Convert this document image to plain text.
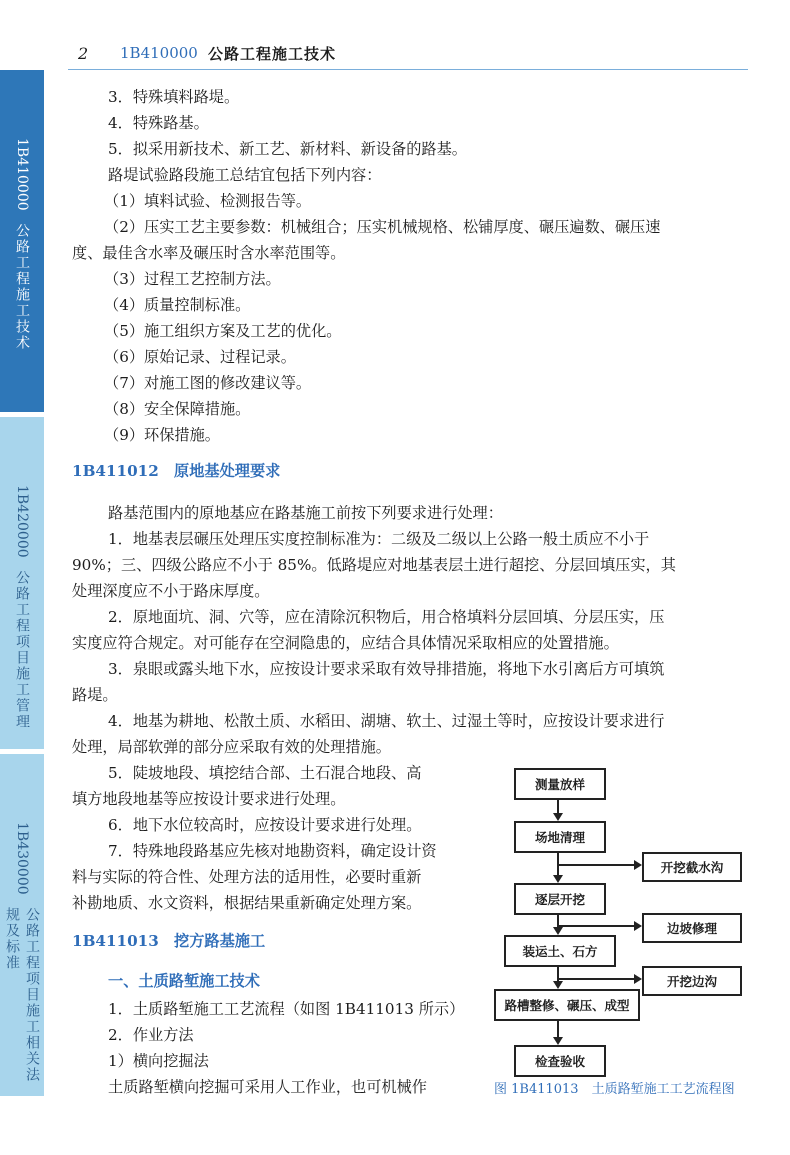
2 1B410000 公路工程施工技术
1B410000
公路工程施工技术
1B420000
公路工程项目施工管理
1B430000
公路工程项目施工相关法规及标准
3．特殊填料路堤。
4．特殊路基。
5．拟采用新技术、新工艺、新材料、新设备的路基。
路堤试验路段施工总结宜包括下列内容：
（1）填料试验、检测报告等。
（2）压实工艺主要参数：机械组合；压实机械规格、松铺厚度、碾压遍数、碾压速
度、最佳含水率及碾压时含水率范围等。
（3）过程工艺控制方法。
（4）质量控制标准。
（5）施工组织方案及工艺的优化。
（6）原始记录、过程记录。
（7）对施工图的修改建议等。
（8）安全保障措施。
（9）环保措施。
1B411012　 原地基处理要求
路基范围内的原地基应在路基施工前按下列要求进行处理：
1．地基表层碾压处理压实度控制标准为：二级及二级以上公路一般土质应不小于
90%；三、四级公路应不小于 85%。低路堤应对地基表层土进行超挖、分层回填压实，其
处理深度应不小于路床厚度。
2．原地面坑、洞、穴等，应在清除沉积物后，用合格填料分层回填、分层压实，压
实度应符合规定。对可能存在空洞隐患的，应结合具体情况采取相应的处置措施。
3．泉眼或露头地下水，应按设计要求采取有效导排措施，将地下水引离后方可填筑
路堤。
4．地基为耕地、松散土质、水稻田、湖塘、软土、过湿土等时，应按设计要求进行
处理，局部软弹的部分应采取有效的处理措施。
5．陡坡地段、填挖结合部、土石混合地段、高
填方地段地基等应按设计要求进行处理。
6．地下水位较高时，应按设计要求进行处理。
7．特殊地段路基应先核对地勘资料，确定设计资
料与实际的符合性、处理方法的适用性，必要时重新
补勘地质、水文资料，根据结果重新确定处理方案。
1B411013　 挖方路基施工
一、土质路堑施工技术
1．土质路堑施工工艺流程（如图 1B411013 所示）
2．作业方法
1）横向挖掘法
土质路堑横向挖掘可采用人工作业，也可机械作
测量放样
场地清理
逐层开挖
装运土、石方
路槽整修、碾压、成型
检查验收
开挖截水沟
边坡修理
开挖边沟
图 1B411013　土质路堑施工工艺流程图
